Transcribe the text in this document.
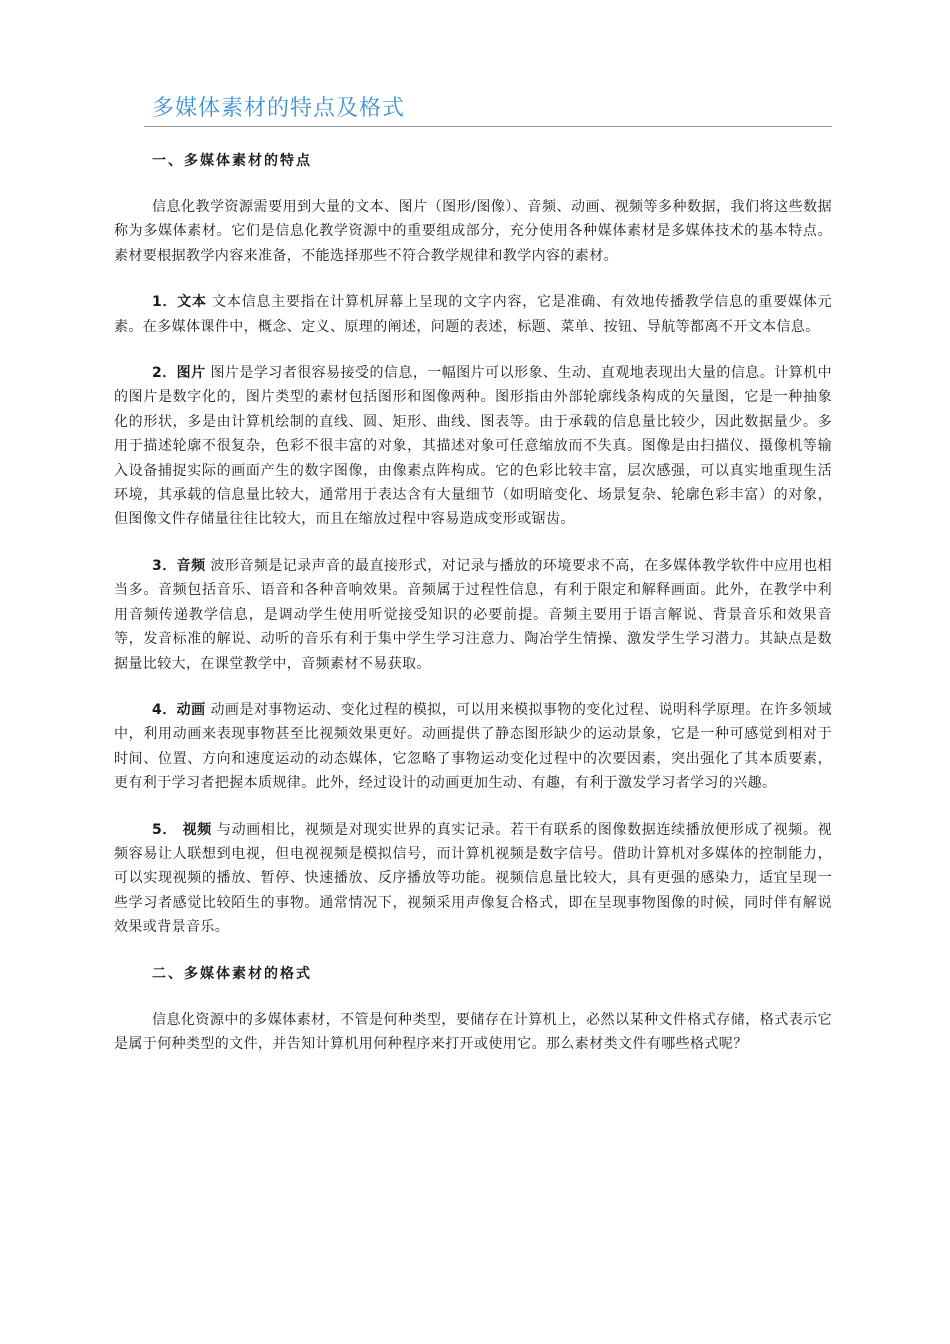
多媒体素材的特点及格式
一、多媒体素材的特点

信息化教学资源需要用到大量的文本、图片（图形/图像）、音频、动画、视频等多种数据，我们将这些数据称为多媒体素材。它们是信息化教学资源中的重要组成部分，充分使用各种媒体素材是多媒体技术的基本特点。素材要根据教学内容来准备，不能选择那些不符合教学规律和教学内容的素材。

1．文本 文本信息主要指在计算机屏幕上呈现的文字内容，它是准确、有效地传播教学信息的重要媒体元素。在多媒体课件中，概念、定义、原理的阐述，问题的表述，标题、菜单、按钮、导航等都离不开文本信息。

2．图片 图片是学习者很容易接受的信息，一幅图片可以形象、生动、直观地表现出大量的信息。计算机中的图片是数字化的，图片类型的素材包括图形和图像两种。图形指由外部轮廓线条构成的矢量图，它是一种抽象化的形状，多是由计算机绘制的直线、圆、矩形、曲线、图表等。由于承载的信息量比较少，因此数据量少。多用于描述轮廓不很复杂，色彩不很丰富的对象，其描述对象可任意缩放而不失真。图像是由扫描仪、摄像机等输入设备捕捉实际的画面产生的数字图像，由像素点阵构成。它的色彩比较丰富，层次感强，可以真实地重现生活环境，其承载的信息量比较大，通常用于表达含有大量细节（如明暗变化、场景复杂、轮廓色彩丰富）的对象，但图像文件存储量往往比较大，而且在缩放过程中容易造成变形或锯齿。

3．音频 波形音频是记录声音的最直接形式，对记录与播放的环境要求不高，在多媒体教学软件中应用也相当多。音频包括音乐、语音和各种音响效果。音频属于过程性信息，有利于限定和解释画面。此外，在教学中利用音频传递教学信息，是调动学生使用听觉接受知识的必要前提。音频主要用于语言解说、背景音乐和效果音等，发音标准的解说、动听的音乐有利于集中学生学习注意力、陶冶学生情操、激发学生学习潜力。其缺点是数据量比较大，在课堂教学中，音频素材不易获取。

4．动画 动画是对事物运动、变化过程的模拟，可以用来模拟事物的变化过程、说明科学原理。在许多领域中，利用动画来表现事物甚至比视频效果更好。动画提供了静态图形缺少的运动景象，它是一种可感觉到相对于时间、位置、方向和速度运动的动态媒体，它忽略了事物运动变化过程中的次要因素，突出强化了其本质要素，更有利于学习者把握本质规律。此外，经过设计的动画更加生动、有趣，有利于激发学习者学习的兴趣。

5． 视频 与动画相比，视频是对现实世界的真实记录。若干有联系的图像数据连续播放便形成了视频。视频容易让人联想到电视，但电视视频是模拟信号，而计算机视频是数字信号。借助计算机对多媒体的控制能力，可以实现视频的播放、暂停、快速播放、反序播放等功能。视频信息量比较大，具有更强的感染力，适宜呈现一些学习者感觉比较陌生的事物。通常情况下，视频采用声像复合格式，即在呈现事物图像的时候，同时伴有解说效果或背景音乐。

二、多媒体素材的格式

信息化资源中的多媒体素材，不管是何种类型，要储存在计算机上，必然以某种文件格式存储，格式表示它是属于何种类型的文件，并告知计算机用何种程序来打开或使用它。那么素材类文件有哪些格式呢？
